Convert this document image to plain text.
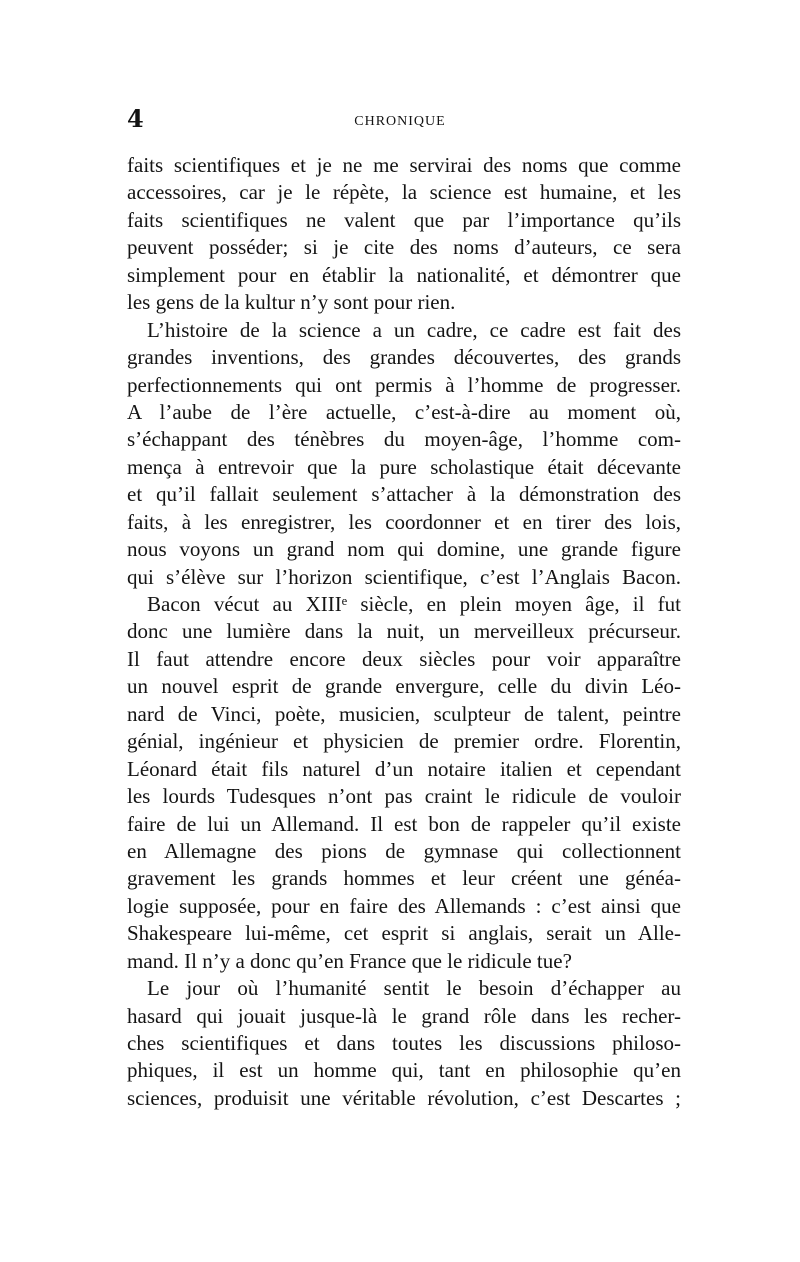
4	CHRONIQUE
faits scientifiques et je ne me servirai des noms que comme
accessoires, car je le répète, la science est humaine, et les
faits scientifiques ne valent que par l’importance qu’ils
peuvent posséder; si je cite des noms d’auteurs, ce sera
simplement pour en établir la nationalité, et démontrer que
les gens de la kultur n’y sont pour rien.
L’histoire de la science a un cadre, ce cadre est fait des
grandes inventions, des grandes découvertes, des grands
perfectionnements qui ont permis à l’homme de progresser.
A l’aube de l’ère actuelle, c’est-à-dire au moment où,
s’échappant des ténèbres du moyen-âge, l’homme com-
mença à entrevoir que la pure scholastique était décevante
et qu’il fallait seulement s’attacher à la démonstration des
faits, à les enregistrer, les coordonner et en tirer des lois,
nous voyons un grand nom qui domine, une grande figure
qui s’élève sur l’horizon scientifique, c’est l’Anglais Bacon.
Bacon vécut au XIIIᵉ siècle, en plein moyen âge, il fut
donc une lumière dans la nuit, un merveilleux précurseur.
Il faut attendre encore deux siècles pour voir apparaître
un nouvel esprit de grande envergure, celle du divin Léo-
nard de Vinci, poète, musicien, sculpteur de talent, peintre
génial, ingénieur et physicien de premier ordre. Florentin,
Léonard était fils naturel d’un notaire italien et cependant
les lourds Tudesques n’ont pas craint le ridicule de vouloir
faire de lui un Allemand. Il est bon de rappeler qu’il existe
en Allemagne des pions de gymnase qui collectionnent
gravement les grands hommes et leur créent une généa-
logie supposée, pour en faire des Allemands : c’est ainsi que
Shakespeare lui-même, cet esprit si anglais, serait un Alle-
mand. Il n’y a donc qu’en France que le ridicule tue?
Le jour où l’humanité sentit le besoin d’échapper au
hasard qui jouait jusque-là le grand rôle dans les recher-
ches scientifiques et dans toutes les discussions philoso-
phiques, il est un homme qui, tant en philosophie qu’en
sciences, produisit une véritable révolution, c’est Descartes ;
